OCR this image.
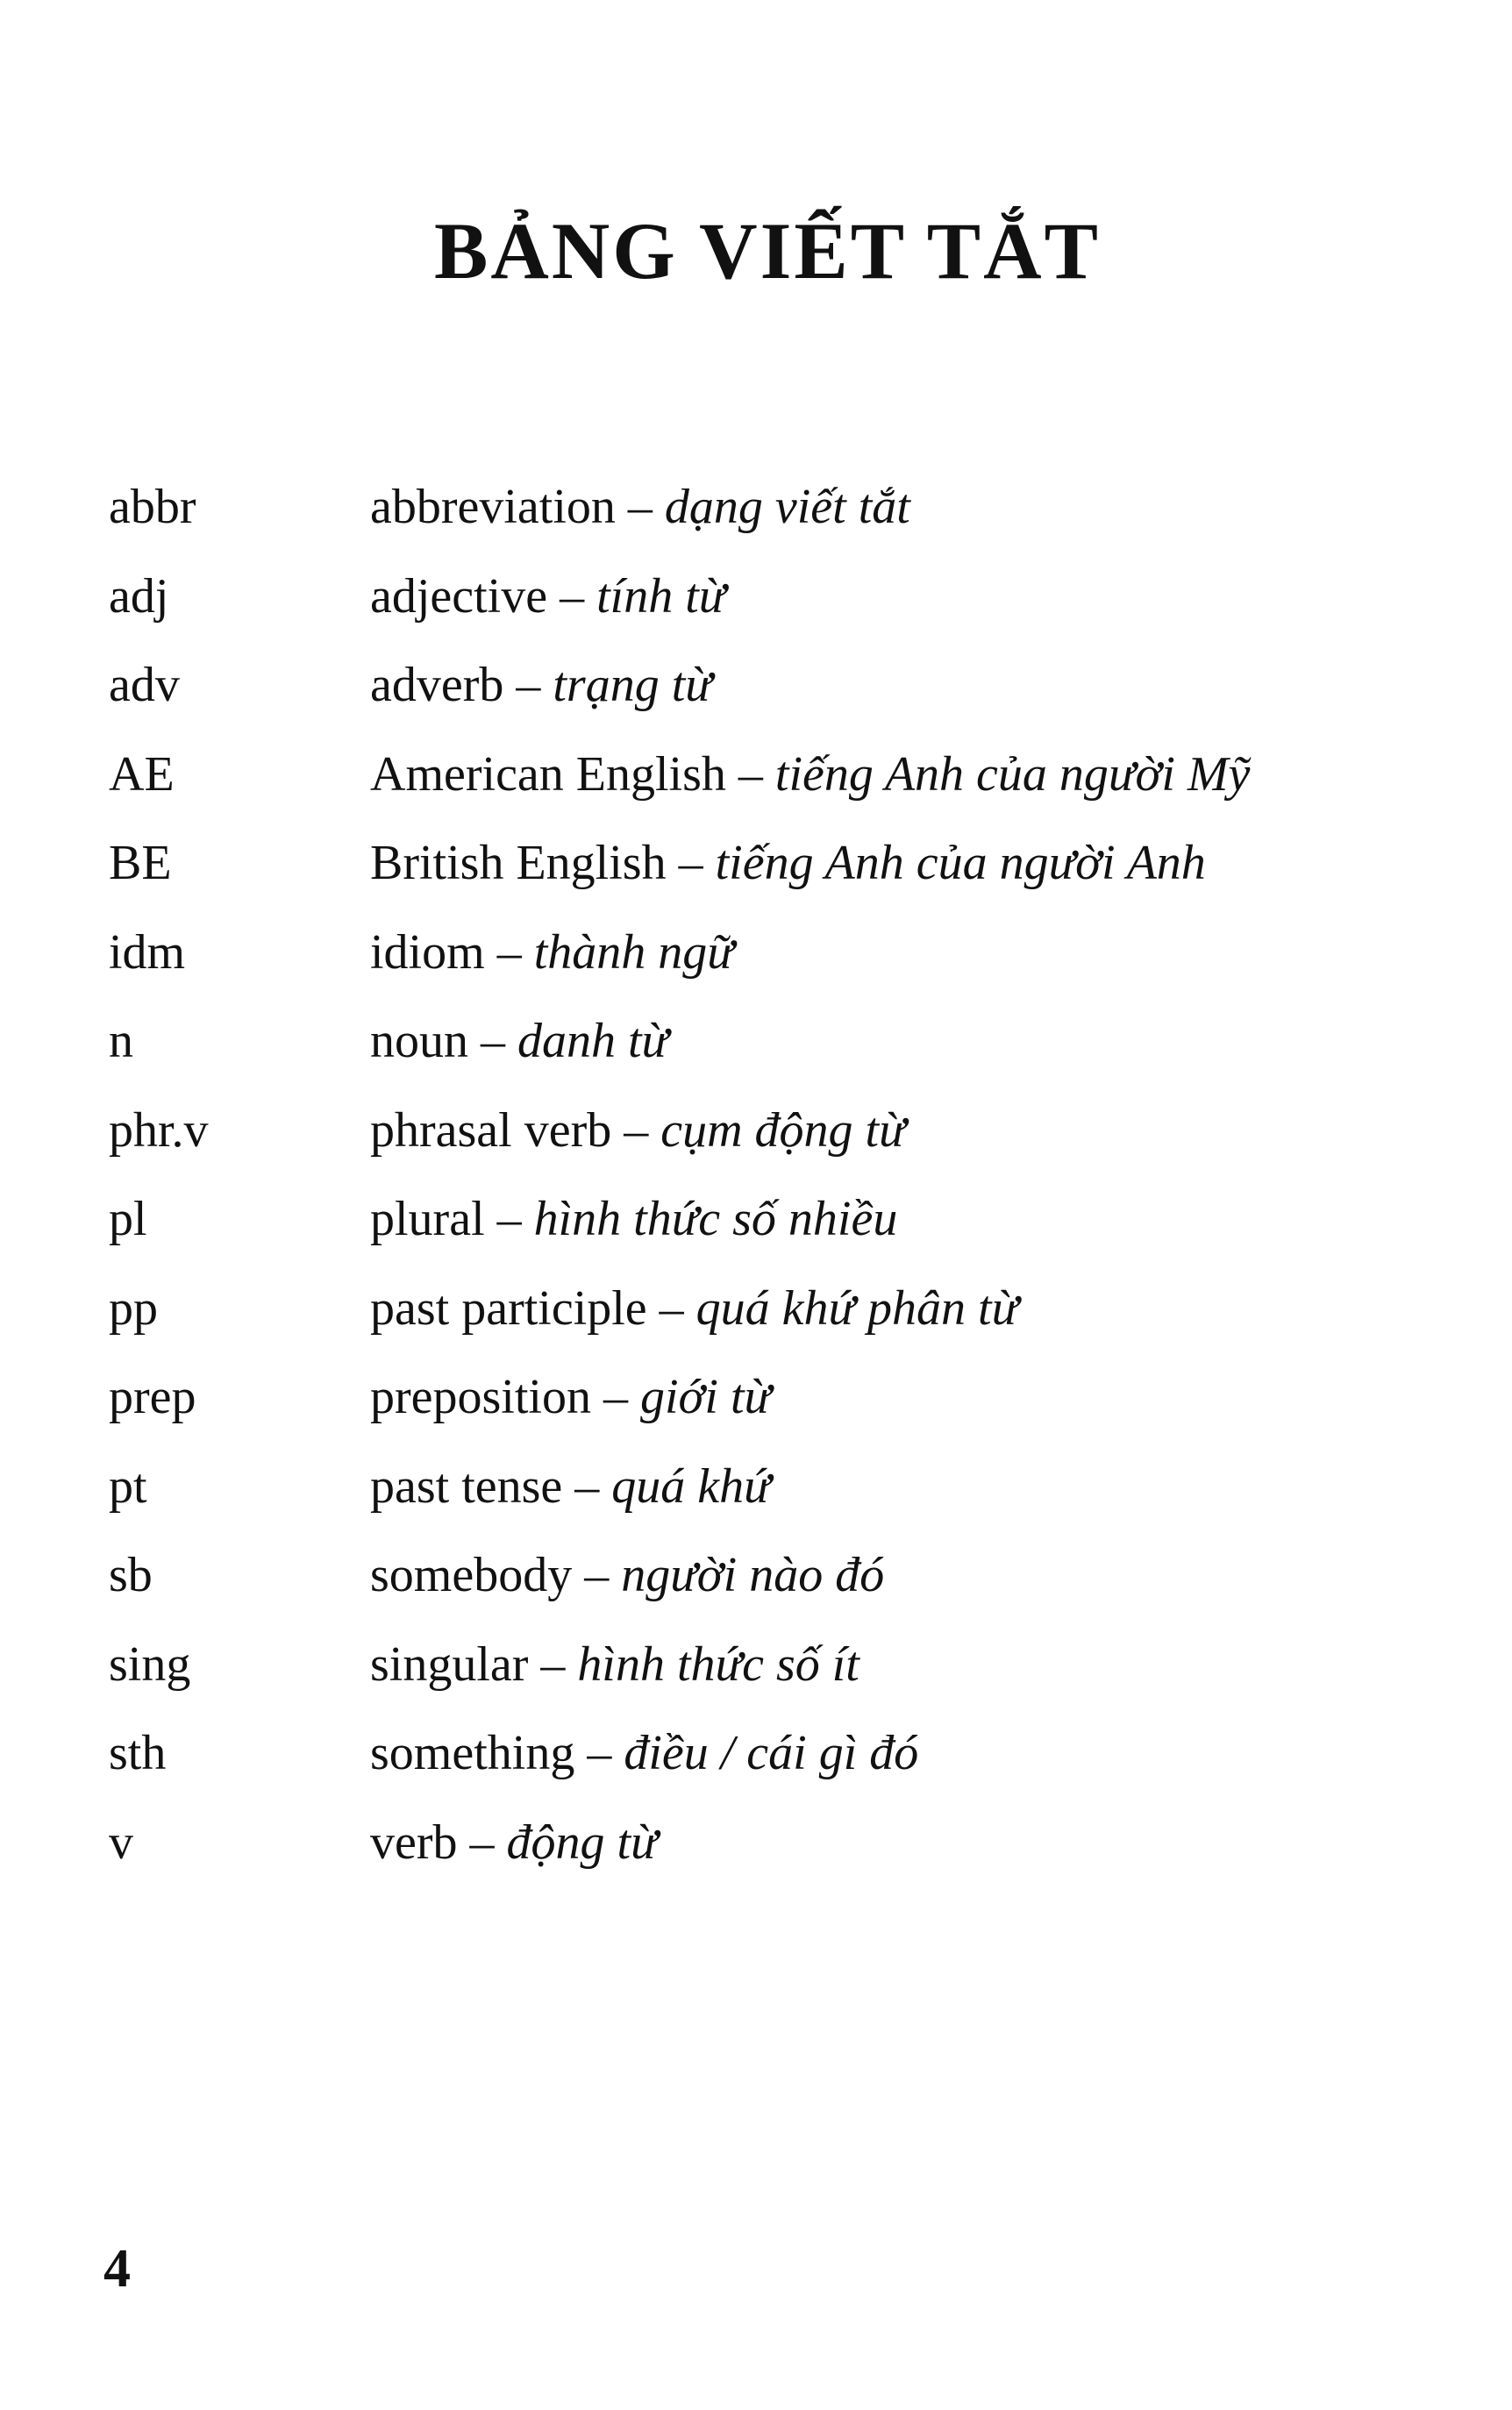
BẢNG VIẾT TẮT
abbr	abbreviation – dạng viết tắt
adj	adjective – tính từ
adv	adverb – trạng từ
AE	American English – tiếng Anh của người Mỹ
BE	British English – tiếng Anh của người Anh
idm	idiom – thành ngữ
n	noun – danh từ
phr.v	phrasal verb – cụm động từ
pl	plural – hình thức số nhiều
pp	past participle – quá khứ phân từ
prep	preposition – giới từ
pt	past tense – quá khứ
sb	somebody – người nào đó
sing	singular – hình thức số ít
sth	something – điều / cái gì đó
v	verb – động từ

4
